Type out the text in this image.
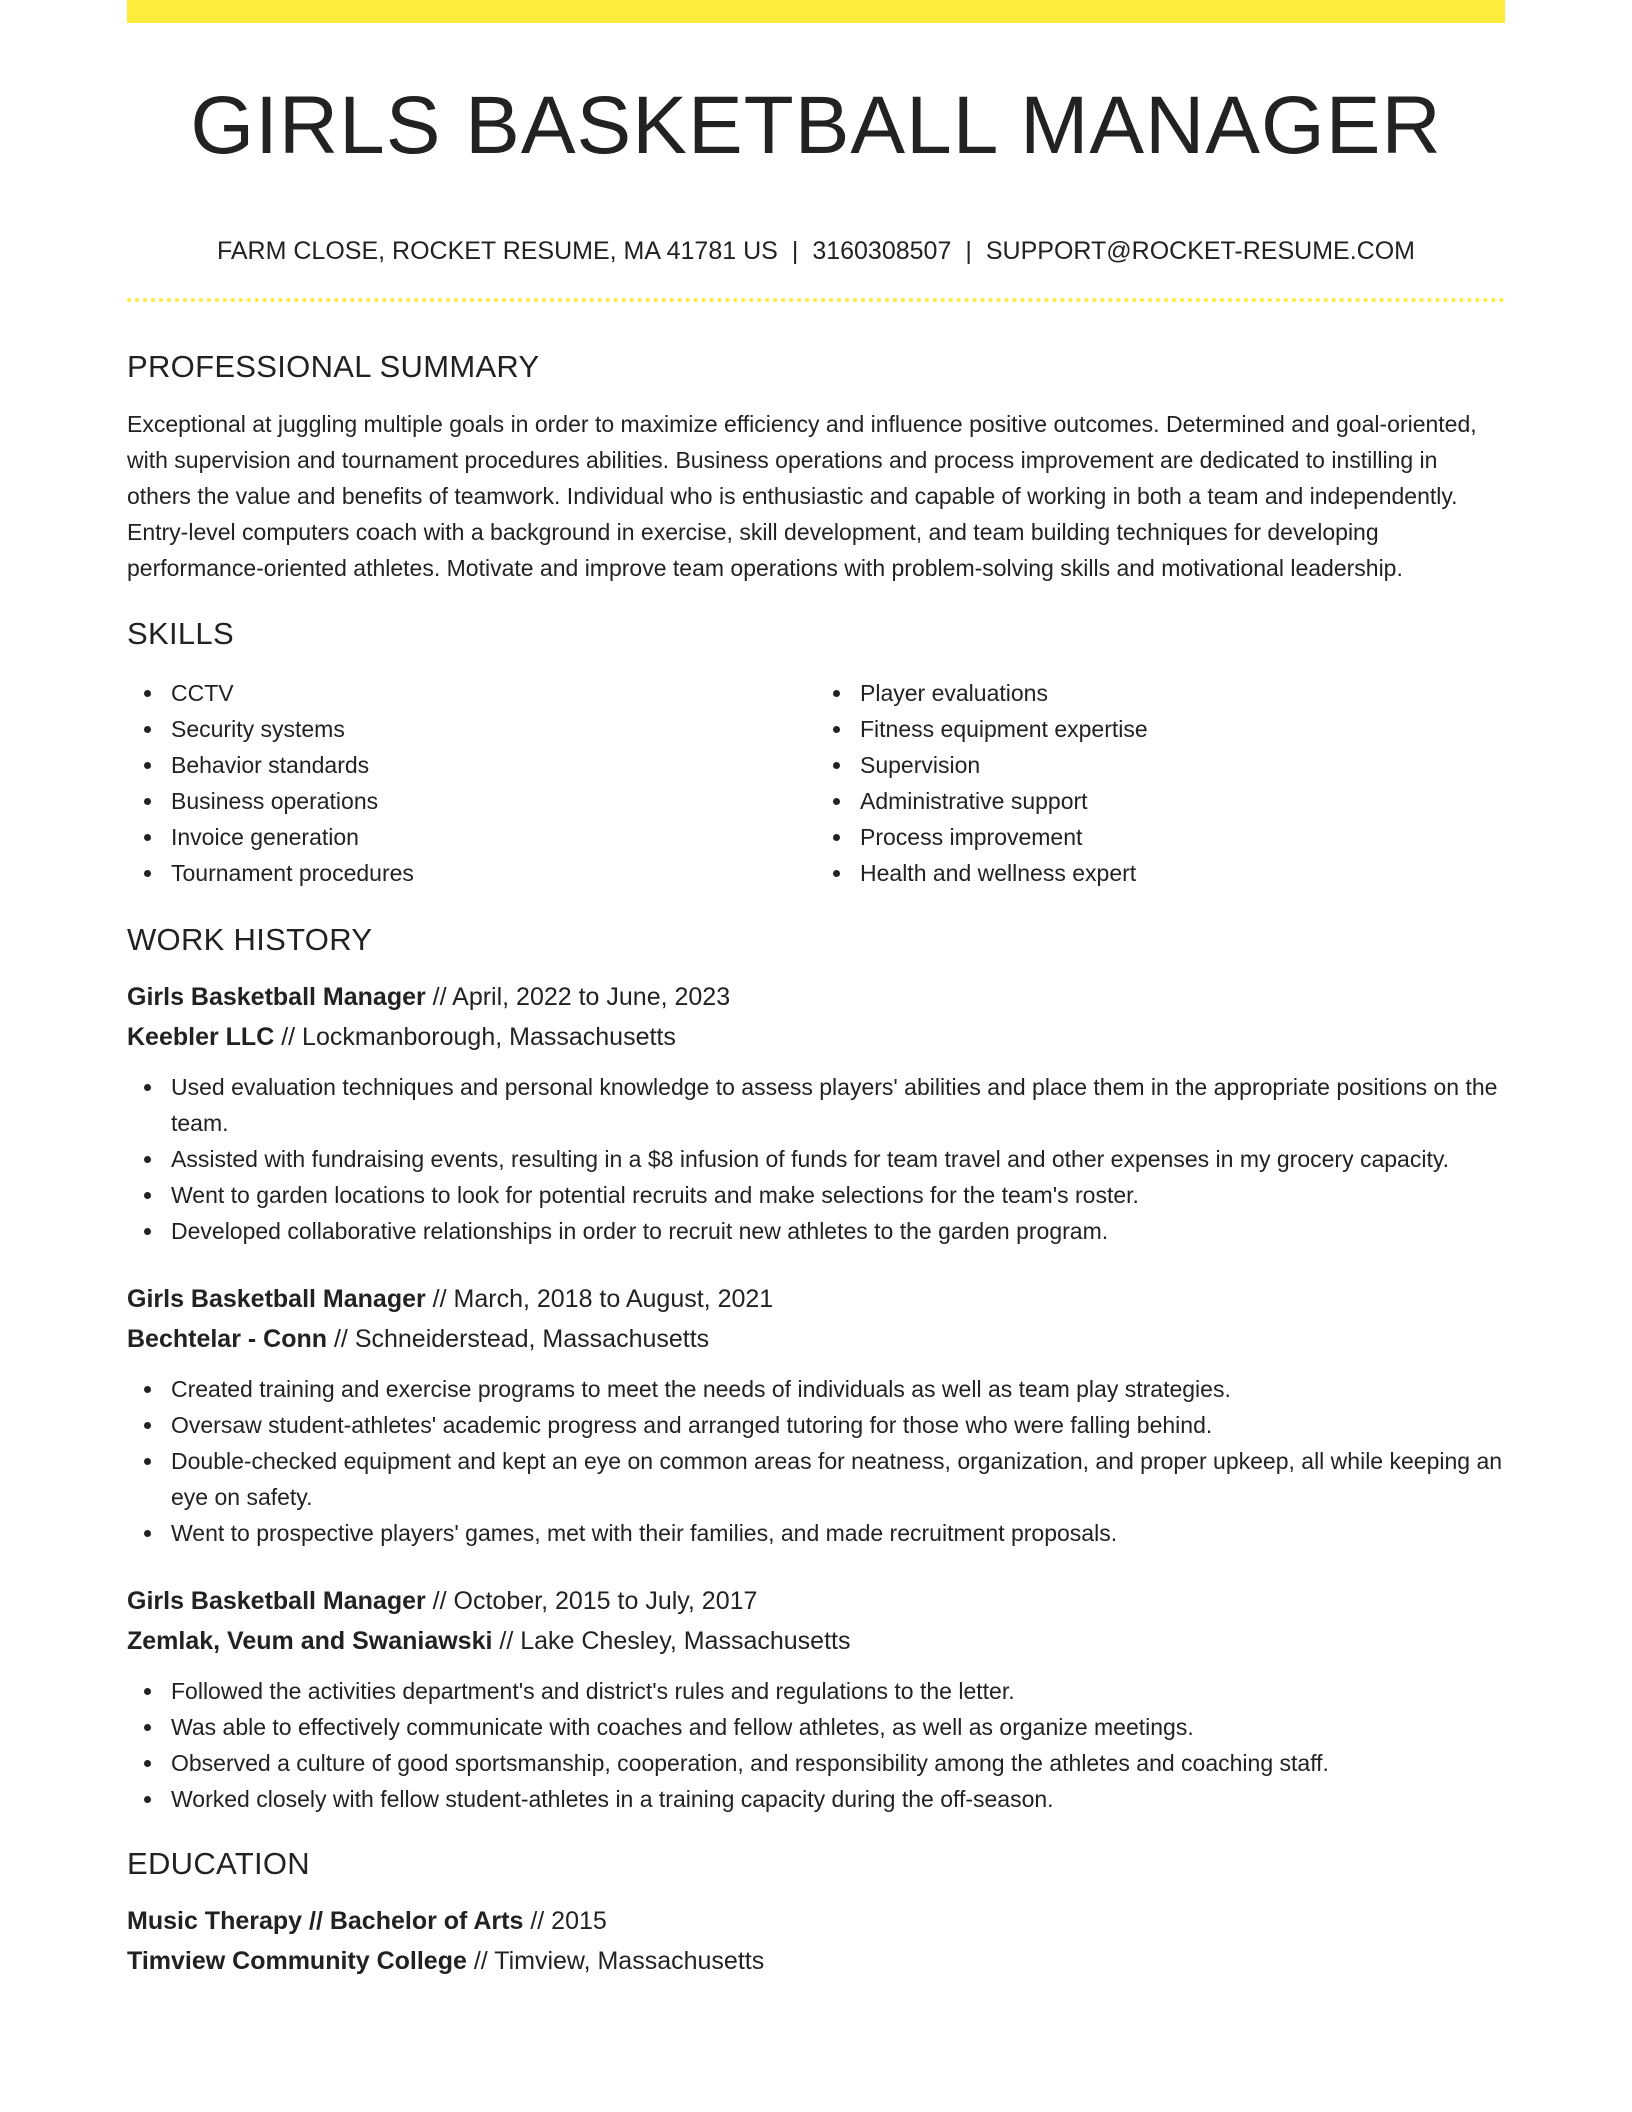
GIRLS BASKETBALL MANAGER
FARM CLOSE, ROCKET RESUME, MA 41781 US | 3160308507 | SUPPORT@ROCKET-RESUME.COM
PROFESSIONAL SUMMARY

Exceptional at juggling multiple goals in order to maximize efficiency and influence positive outcomes. Determined and goal-oriented, with supervision and tournament procedures abilities. Business operations and process improvement are dedicated to instilling in others the value and benefits of teamwork. Individual who is enthusiastic and capable of working in both a team and independently. Entry-level computers coach with a background in exercise, skill development, and team building techniques for developing performance-oriented athletes. Motivate and improve team operations with problem-solving skills and motivational leadership.

SKILLS
CCTV
Security systems
Behavior standards
Business operations
Invoice generation
Tournament procedures
Player evaluations
Fitness equipment expertise
Supervision
Administrative support
Process improvement
Health and wellness expert
WORK HISTORY
Girls Basketball Manager // April, 2022 to June, 2023
Keebler LLC // Lockmanborough, Massachusetts
Used evaluation techniques and personal knowledge to assess players' abilities and place them in the appropriate positions on the team.
Assisted with fundraising events, resulting in a $8 infusion of funds for team travel and other expenses in my grocery capacity.
Went to garden locations to look for potential recruits and make selections for the team's roster.
Developed collaborative relationships in order to recruit new athletes to the garden program.
Girls Basketball Manager // March, 2018 to August, 2021
Bechtelar - Conn // Schneiderstead, Massachusetts
Created training and exercise programs to meet the needs of individuals as well as team play strategies.
Oversaw student-athletes' academic progress and arranged tutoring for those who were falling behind.
Double-checked equipment and kept an eye on common areas for neatness, organization, and proper upkeep, all while keeping an eye on safety.
Went to prospective players' games, met with their families, and made recruitment proposals.
Girls Basketball Manager // October, 2015 to July, 2017
Zemlak, Veum and Swaniawski // Lake Chesley, Massachusetts
Followed the activities department's and district's rules and regulations to the letter.
Was able to effectively communicate with coaches and fellow athletes, as well as organize meetings.
Observed a culture of good sportsmanship, cooperation, and responsibility among the athletes and coaching staff.
Worked closely with fellow student-athletes in a training capacity during the off-season.
EDUCATION
Music Therapy // Bachelor of Arts // 2015
Timview Community College // Timview, Massachusetts
